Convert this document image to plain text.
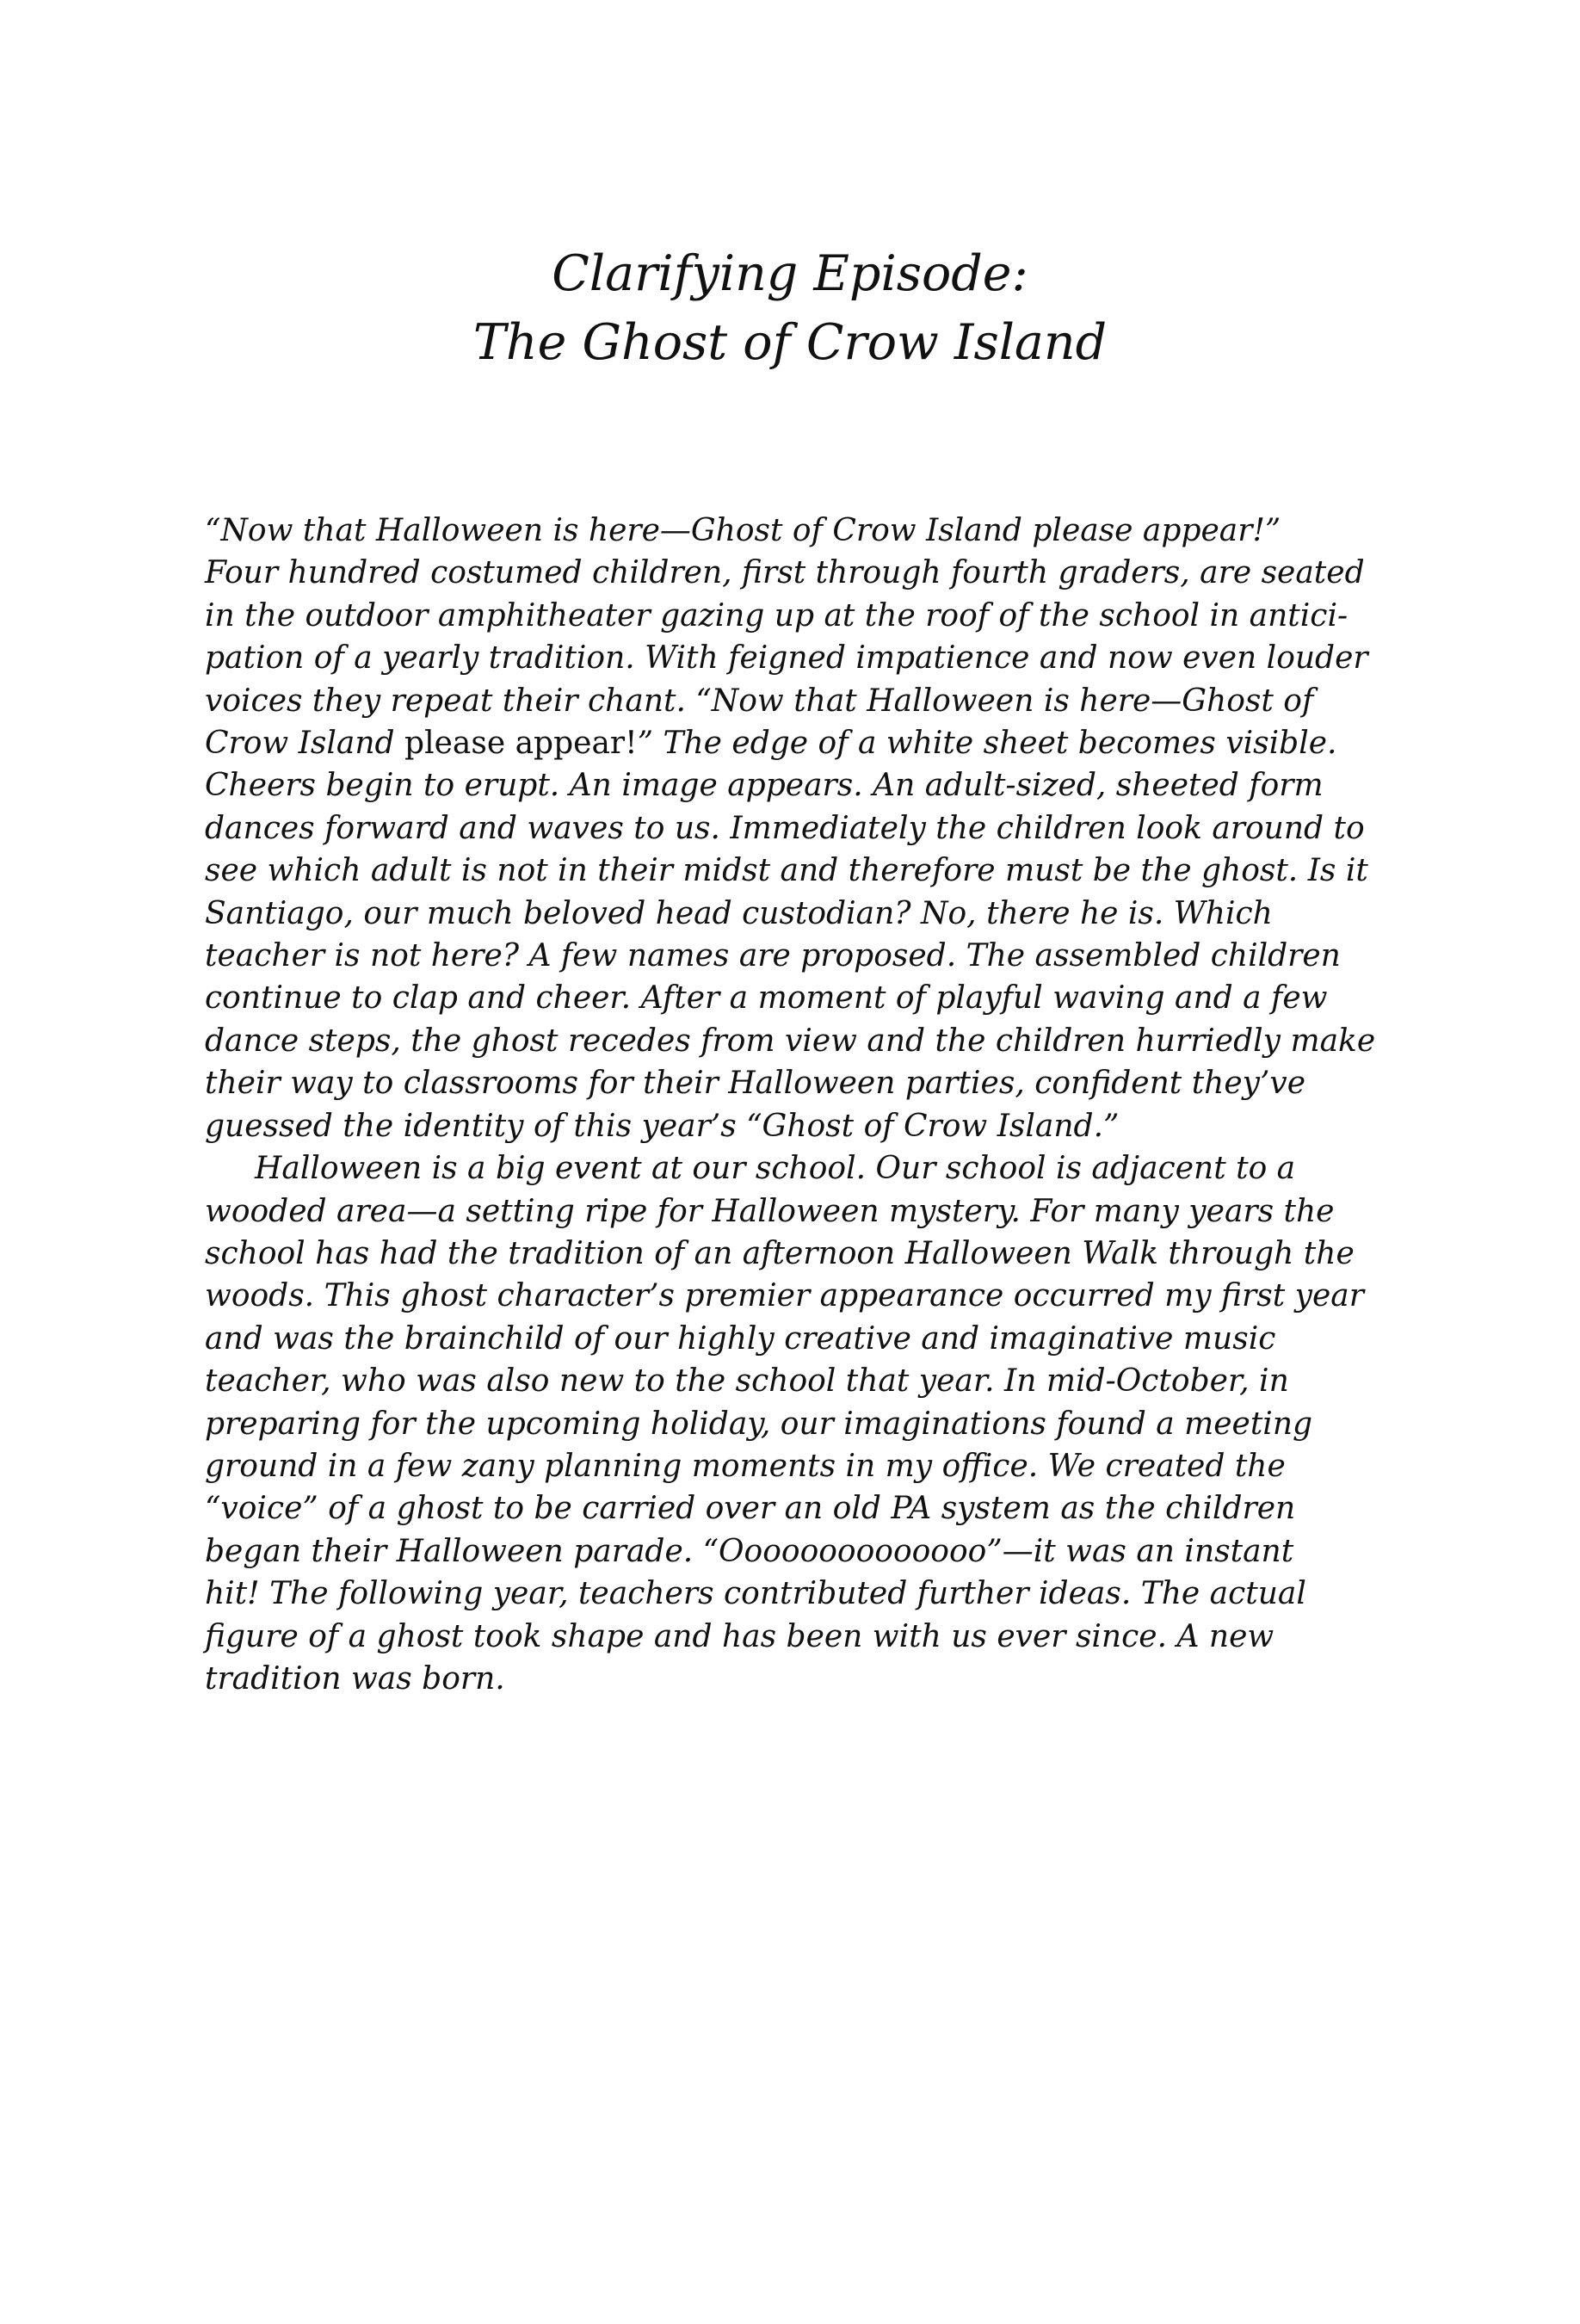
Clarifying Episode:
The Ghost of Crow Island
“Now that Halloween is here—Ghost of Crow Island please appear!”
Four hundred costumed children, first through fourth graders, are seated
in the outdoor amphitheater gazing up at the roof of the school in antici-
pation of a yearly tradition. With feigned impatience and now even louder
voices they repeat their chant. “Now that Halloween is here—Ghost of
Crow Island please appear!” The edge of a white sheet becomes visible.
Cheers begin to erupt. An image appears. An adult-sized, sheeted form
dances forward and waves to us. Immediately the children look around to
see which adult is not in their midst and therefore must be the ghost. Is it
Santiago, our much beloved head custodian? No, there he is. Which
teacher is not here? A few names are proposed. The assembled children
continue to clap and cheer. After a moment of playful waving and a few
dance steps, the ghost recedes from view and the children hurriedly make
their way to classrooms for their Halloween parties, confident they’ve
guessed the identity of this year’s “Ghost of Crow Island.”
Halloween is a big event at our school. Our school is adjacent to a
wooded area—a setting ripe for Halloween mystery. For many years the
school has had the tradition of an afternoon Halloween Walk through the
woods. This ghost character’s premier appearance occurred my first year
and was the brainchild of our highly creative and imaginative music
teacher, who was also new to the school that year. In mid-October, in
preparing for the upcoming holiday, our imaginations found a meeting
ground in a few zany planning moments in my office. We created the
“voice” of a ghost to be carried over an old PA system as the children
began their Halloween parade. “Oooooooooooooo”—it was an instant
hit! The following year, teachers contributed further ideas. The actual
figure of a ghost took shape and has been with us ever since. A new
tradition was born.
